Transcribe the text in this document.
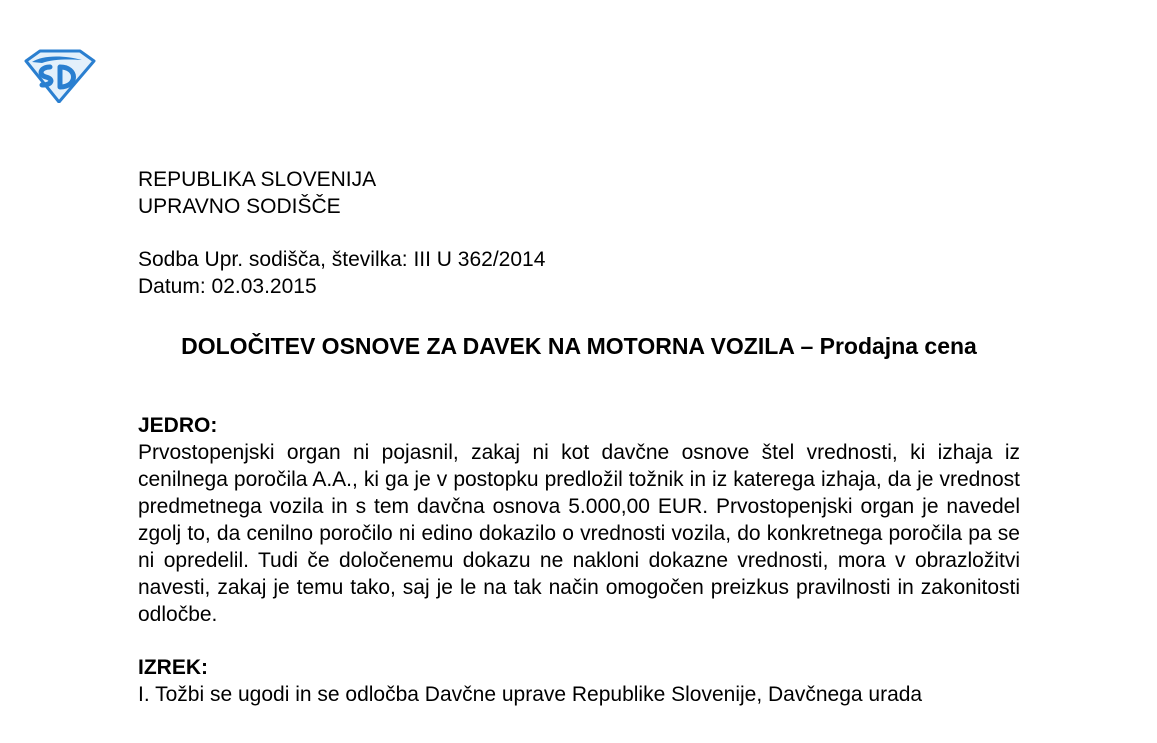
REPUBLIKA SLOVENIJA
UPRAVNO SODIŠČE
Sodba Upr. sodišča, številka: III U 362/2014
Datum: 02.03.2015
DOLOČITEV OSNOVE ZA DAVEK NA MOTORNA VOZILA – Prodajna cena
JEDRO:

Prvostopenjski organ ni pojasnil, zakaj ni kot davčne osnove štel vrednosti, ki izhaja iz cenilnega poročila A.A., ki ga je v postopku predložil tožnik in iz katerega izhaja, da je vrednost predmetnega vozila in s tem davčna osnova 5.000,00 EUR. Prvostopenjski organ je navedel zgolj to, da cenilno poročilo ni edino dokazilo o vrednosti vozila, do konkretnega poročila pa se ni opredelil. Tudi če določenemu dokazu ne nakloni dokazne vrednosti, mora v obrazložitvi navesti, zakaj je temu tako, saj je le na tak način omogočen preizkus pravilnosti in zakonitosti odločbe.

IZREK:

I. Tožbi se ugodi in se odločba Davčne uprave Republike Slovenije, Davčnega urada
